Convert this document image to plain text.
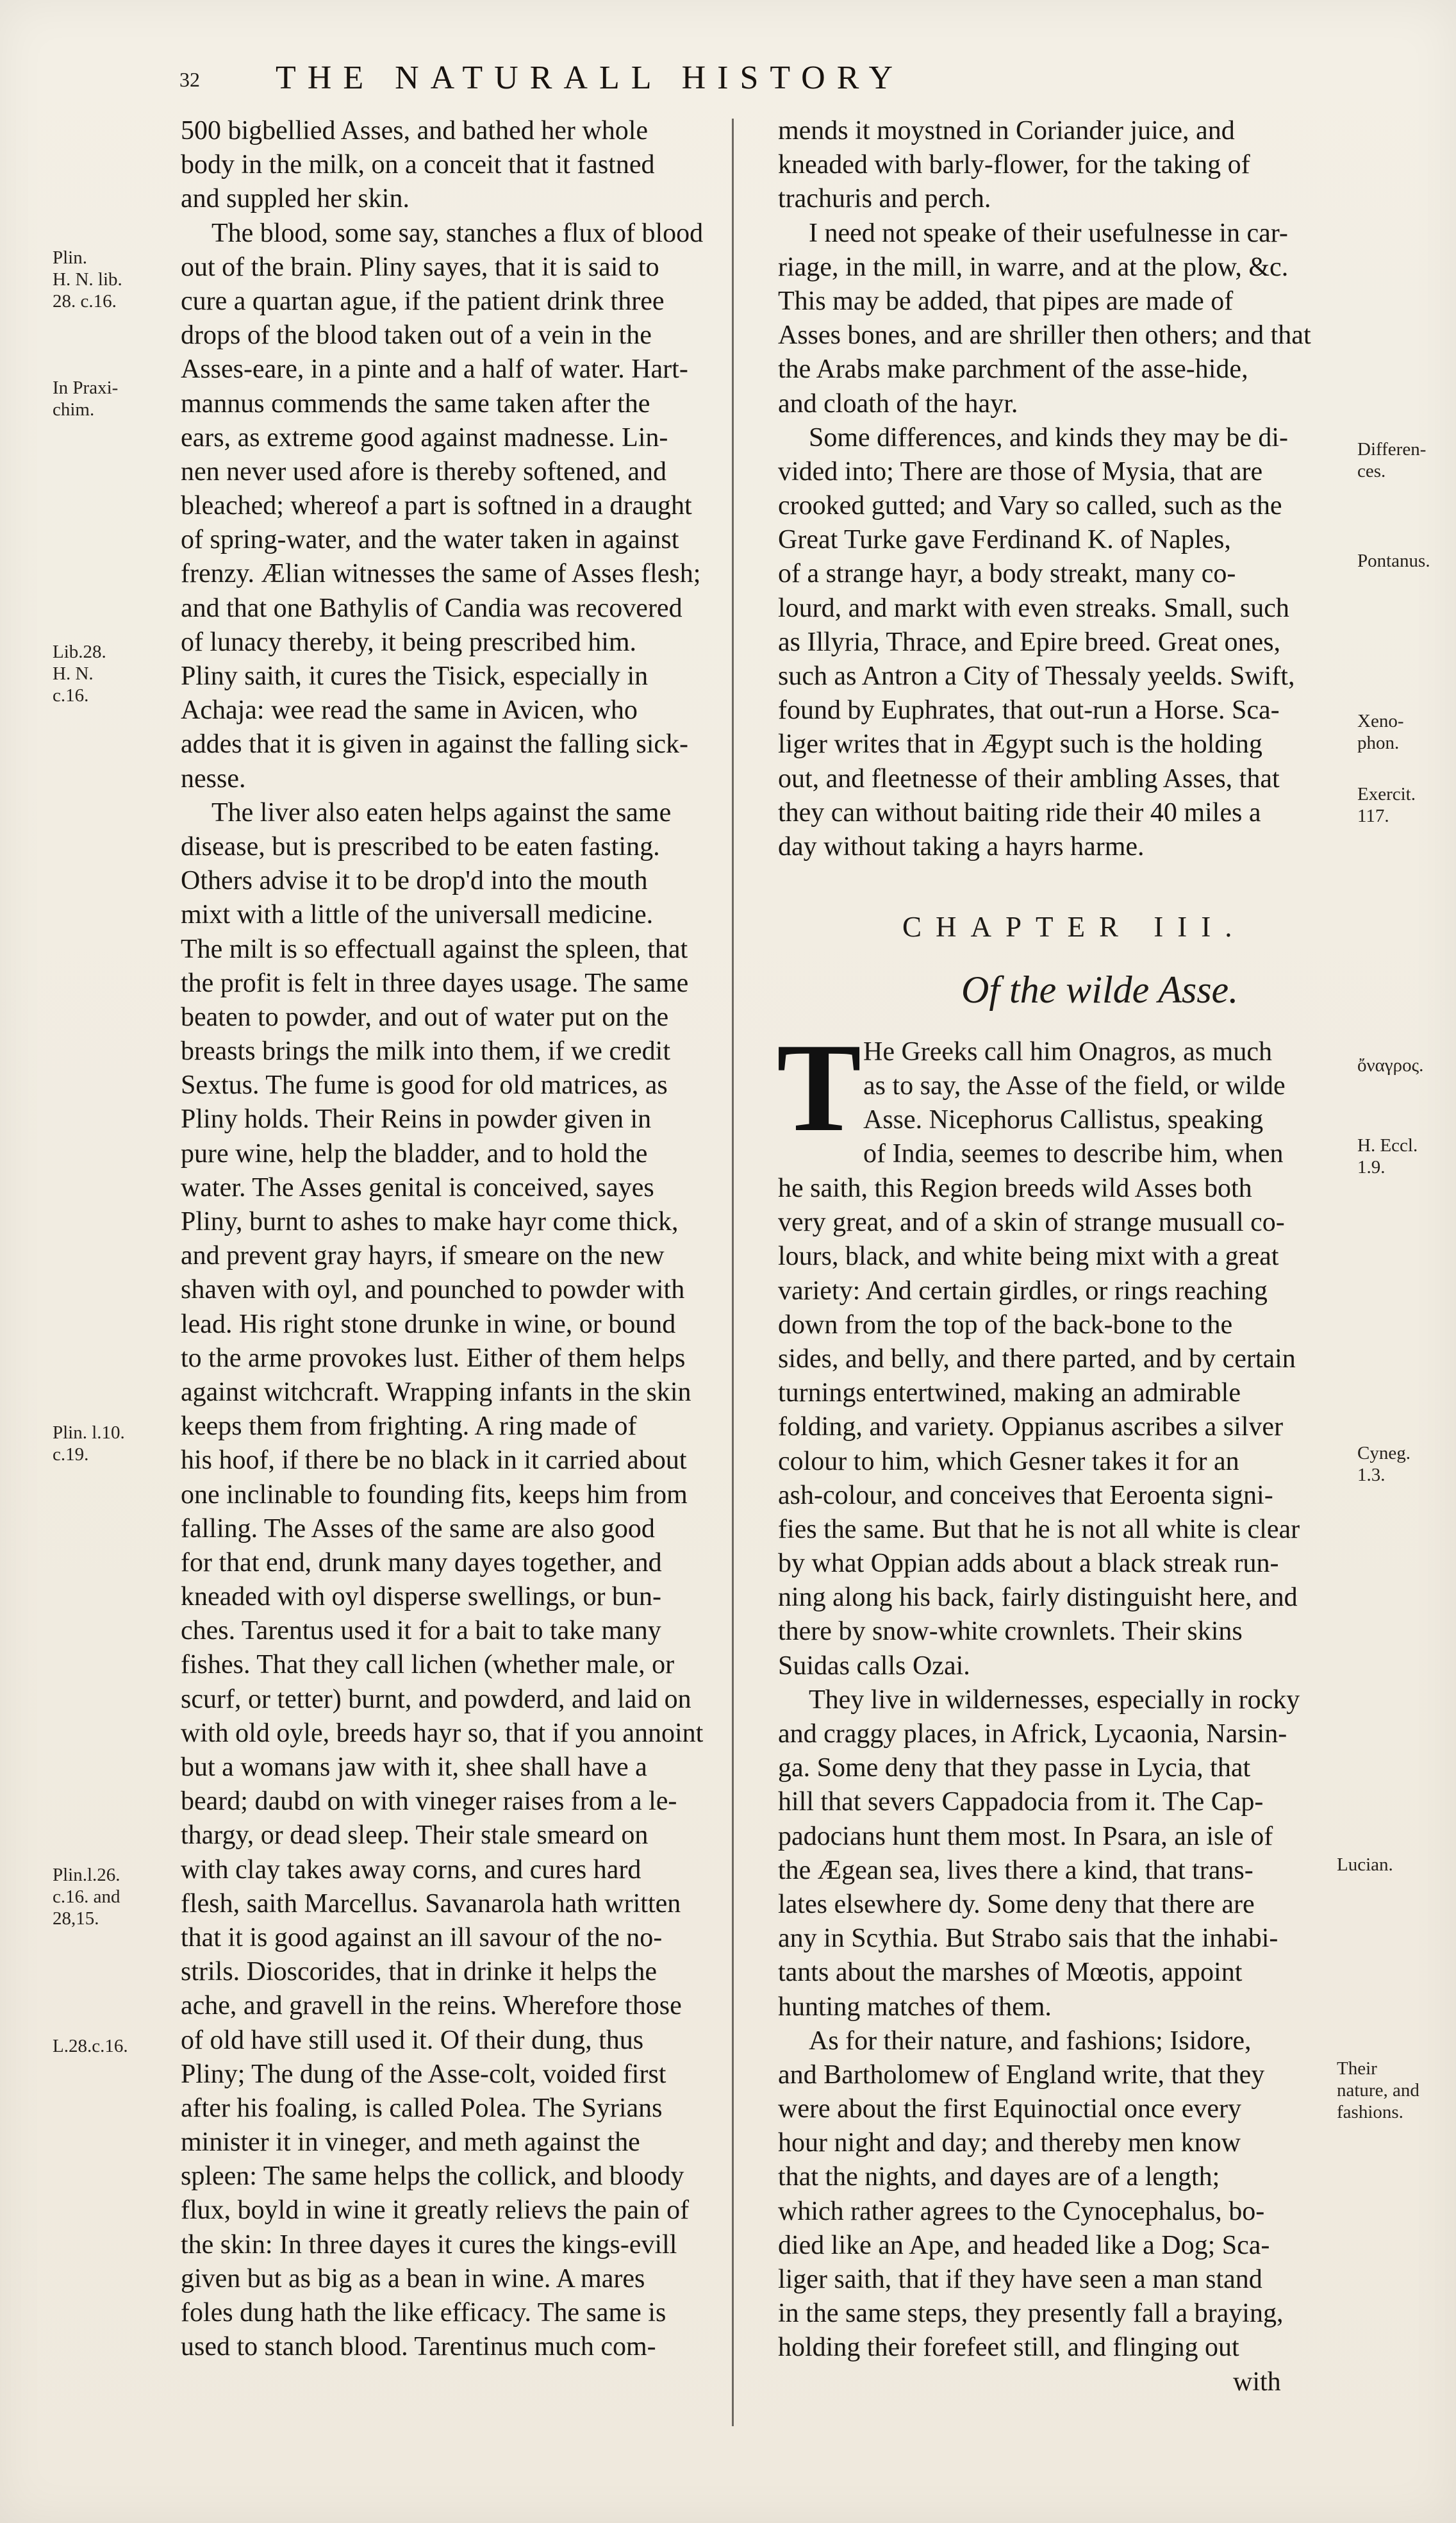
32 THE NATURALL HISTORY
Plin.
H. N. lib.
28. c.16.
In Praxi-
chim.
Lib.28.
H. N.
c.16.
Plin. l.10.
c.19.
Plin.l.26.
c.16. and
28,15.
L.28.c.16.
500 bigbellied Asses, and bathed her whole
body in the milk, on a conceit that it fastned
and suppled her skin.
The blood, some say, stanches a flux of blood
out of the brain. Pliny sayes, that it is said to
cure a quartan ague, if the patient drink three
drops of the blood taken out of a vein in the
Asses-eare, in a pinte and a half of water. Hart-
mannus commends the same taken after the
ears, as extreme good against madnesse. Lin-
nen never used afore is thereby softened, and
bleached; whereof a part is softned in a draught
of spring-water, and the water taken in against
frenzy. Ælian witnesses the same of Asses flesh;
and that one Bathylis of Candia was recovered
of lunacy thereby, it being prescribed him.
Pliny saith, it cures the Tisick, especially in
Achaja: wee read the same in Avicen, who
addes that it is given in against the falling sick-
nesse.
The liver also eaten helps against the same
disease, but is prescribed to be eaten fasting.
Others advise it to be drop'd into the mouth
mixt with a little of the universall medicine.
The milt is so effectuall against the spleen, that
the profit is felt in three dayes usage. The same
beaten to powder, and out of water put on the
breasts brings the milk into them, if we credit
Sextus. The fume is good for old matrices, as
Pliny holds. Their Reins in powder given in
pure wine, help the bladder, and to hold the
water. The Asses genital is conceived, sayes
Pliny, burnt to ashes to make hayr come thick,
and prevent gray hayrs, if smeare on the new
shaven with oyl, and pounched to powder with
lead. His right stone drunke in wine, or bound
to the arme provokes lust. Either of them helps
against witchcraft. Wrapping infants in the skin
keeps them from frighting. A ring made of
his hoof, if there be no black in it carried about
one inclinable to founding fits, keeps him from
falling. The Asses of the same are also good
for that end, drunk many dayes together, and
kneaded with oyl disperse swellings, or bun-
ches. Tarentus used it for a bait to take many
fishes. That they call lichen (whether male, or
scurf, or tetter) burnt, and powderd, and laid on
with old oyle, breeds hayr so, that if you annoint
but a womans jaw with it, shee shall have a
beard; daubd on with vineger raises from a le-
thargy, or dead sleep. Their stale smeard on
with clay takes away corns, and cures hard
flesh, saith Marcellus. Savanarola hath written
that it is good against an ill savour of the no-
strils. Dioscorides, that in drinke it helps the
ache, and gravell in the reins. Wherefore those
of old have still used it. Of their dung, thus
Pliny; The dung of the Asse-colt, voided first
after his foaling, is called Polea. The Syrians
minister it in vineger, and meth against the
spleen: The same helps the collick, and bloody
flux, boyld in wine it greatly relievs the pain of
the skin: In three dayes it cures the kings-evill
given but as big as a bean in wine. A mares
foles dung hath the like efficacy. The same is
used to stanch blood. Tarentinus much com-
Differen-
ces.
Pontanus.
Xeno-
phon.
Exercit.
117.
ὄναγρος.
H. Eccl.
1.9.
Cyneg.
1.3.
Lucian.
Their
nature, and
fashions.
mends it moystned in Coriander juice, and
kneaded with barly-flower, for the taking of
trachuris and perch.
I need not speake of their usefulnesse in car-
riage, in the mill, in warre, and at the plow, &c.
This may be added, that pipes are made of
Asses bones, and are shriller then others; and that
the Arabs make parchment of the asse-hide,
and cloath of the hayr.
Some differences, and kinds they may be di-
vided into; There are those of Mysia, that are
crooked gutted; and Vary so called, such as the
Great Turke gave Ferdinand K. of Naples,
of a strange hayr, a body streakt, many co-
lourd, and markt with even streaks. Small, such
as Illyria, Thrace, and Epire breed. Great ones,
such as Antron a City of Thessaly yeelds. Swift,
found by Euphrates, that out-run a Horse. Sca-
liger writes that in Ægypt such is the holding
out, and fleetnesse of their ambling Asses, that
they can without baiting ride their 40 miles a
day without taking a hayrs harme.
CHAPTER III.
Of the wilde Asse.
T He Greeks call him Onagros, as much
as to say, the Asse of the field, or wilde
Asse. Nicephorus Callistus, speaking
of India, seemes to describe him, when
he saith, this Region breeds wild Asses both
very great, and of a skin of strange musuall co-
lours, black, and white being mixt with a great
variety: And certain girdles, or rings reaching
down from the top of the back-bone to the
sides, and belly, and there parted, and by certain
turnings entertwined, making an admirable
folding, and variety. Oppianus ascribes a silver
colour to him, which Gesner takes it for an
ash-colour, and conceives that Eeroenta signi-
fies the same. But that he is not all white is clear
by what Oppian adds about a black streak run-
ning along his back, fairly distinguisht here, and
there by snow-white crownlets. Their skins
Suidas calls Ozai.
They live in wildernesses, especially in rocky
and craggy places, in Africk, Lycaonia, Narsin-
ga. Some deny that they passe in Lycia, that
hill that severs Cappadocia from it. The Cap-
padocians hunt them most. In Psara, an isle of
the Ægean sea, lives there a kind, that trans-
lates elsewhere dy. Some deny that there are
any in Scythia. But Strabo sais that the inhabi-
tants about the marshes of Mœotis, appoint
hunting matches of them.
As for their nature, and fashions; Isidore,
and Bartholomew of England write, that they
were about the first Equinoctial once every
hour night and day; and thereby men know
that the nights, and dayes are of a length;
which rather agrees to the Cynocephalus, bo-
died like an Ape, and headed like a Dog; Sca-
liger saith, that if they have seen a man stand
in the same steps, they presently fall a braying,
holding their forefeet still, and flinging out
with
